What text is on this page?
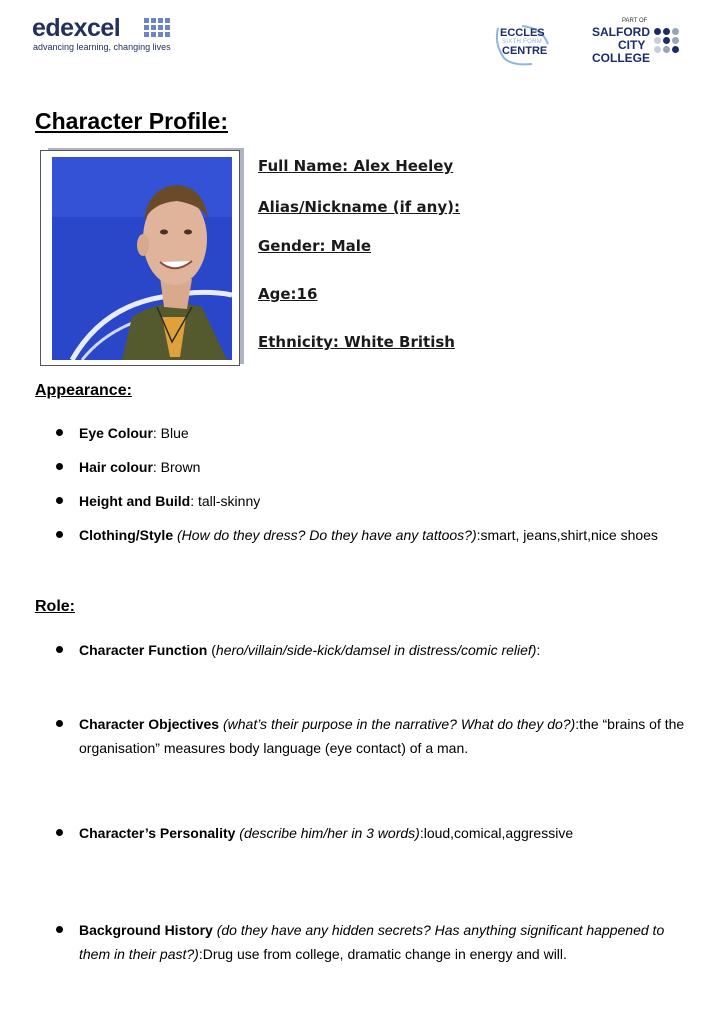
edexcel
advancing learning, changing lives
ECCLES
SIXTH FORM
CENTRE
PART OF
SALFORD
CITY
COLLEGE
Character Profile:
Full Name: Alex Heeley
Alias/Nickname (if any):
Gender: Male
Age:16
Ethnicity: White British
Appearance:
Eye Colour: Blue
Hair colour: Brown
Height and Build: tall-skinny
Clothing/Style (How do they dress? Do they have any tattoos?):smart, jeans,shirt,nice shoes
Role:
Character Function (hero/villain/side-kick/damsel in distress/comic relief):
Character Objectives (what’s their purpose in the narrative? What do they do?):the “brains of the organisation” measures body language (eye contact) of a man.
Character’s Personality (describe him/her in 3 words):loud,comical,aggressive
Background History (do they have any hidden secrets? Has anything significant happened to them in their past?):Drug use from college, dramatic change in energy and will.
